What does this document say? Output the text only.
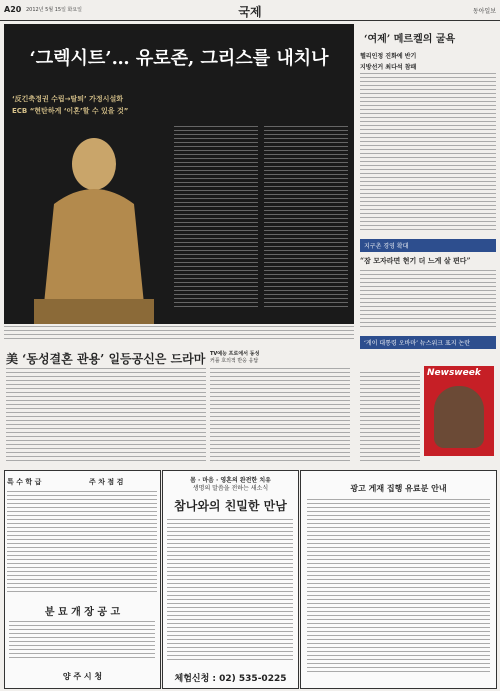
A20 2012년 5월 15일 화요일	국제	동아일보
‘그렉시트’… 유로존, 그리스를 내치나
‘反긴축정권 수립→탈퇴’ 가정시설화
ECB “현탄하게 ‘이혼’할 수 있을 것”
‘여제’ 메르켈의 굴욕
헬리인정 진화에 반기
지방선거 최다석 참패
지구촌 경영 확대
“잠 모자라면 현기 더 느게 살 편다”
‘게이 대통령 오바마’ 뉴스위크 표지 논란
Newsweek
美 ‘동성결혼 관용’ 일등공신은 드라마 TV예능 프로에서 동성
커플 호의적 반응 응답
특 수 학 급	주 차 점 검
분 묘 개 장 공 고
양 주 시 청
몸 · 마음 · 영혼의 완전한 치유
생명의 말씀을 전하는 새소식
참나와의 친밀한 만남
체험신청 : 02) 535-0225
광고 게재 집행 유료분 안내
